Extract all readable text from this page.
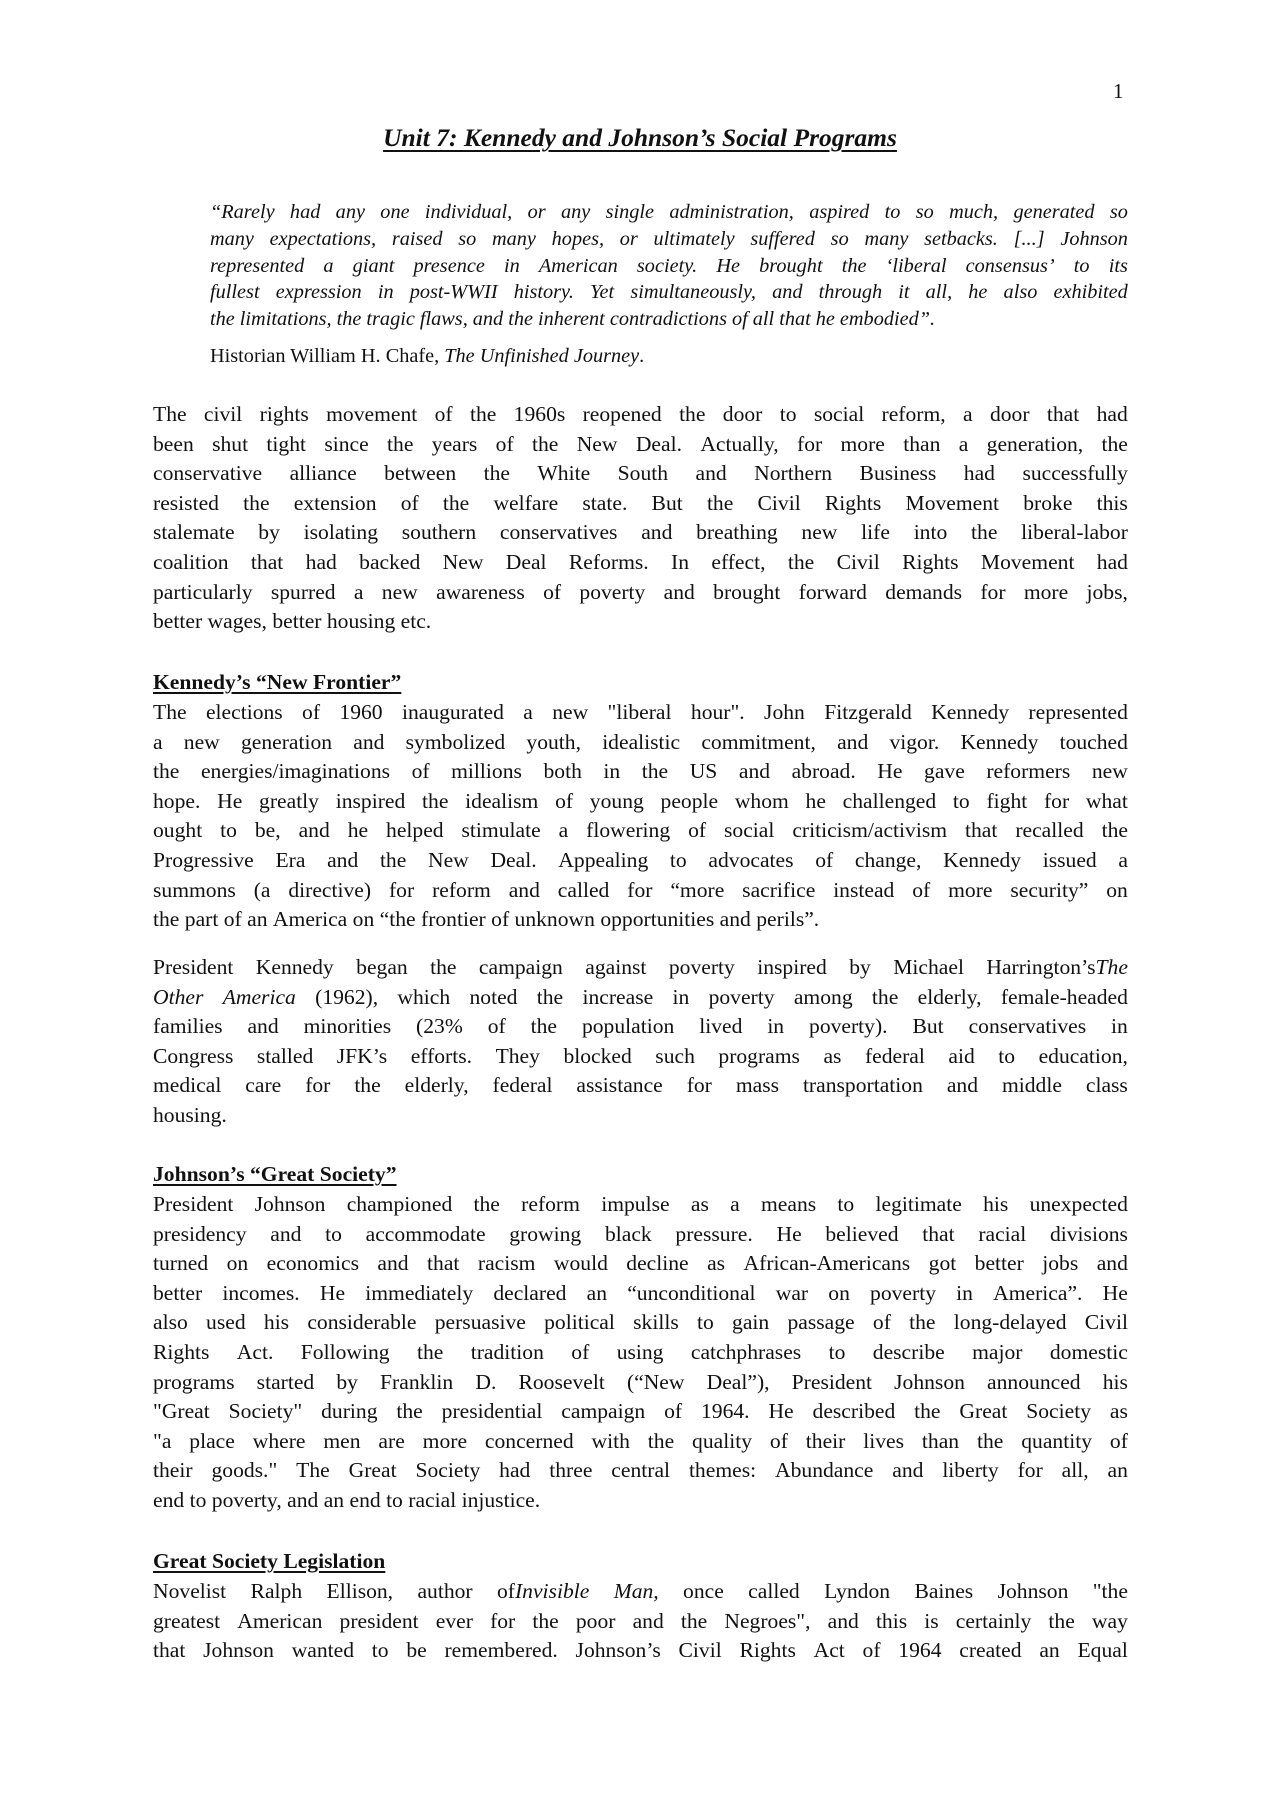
1
Unit 7: Kennedy and Johnson’s Social Programs
“Rarely had any one individual, or any single administration, aspired to so much, generated so
many expectations, raised so many hopes, or ultimately suffered so many setbacks. [...] Johnson
represented a giant presence in American society. He brought the ‘liberal consensus’ to its
fullest expression in post-WWII history. Yet simultaneously, and through it all, he also exhibited
the limitations, the tragic flaws, and the inherent contradictions of all that he embodied”.
Historian William H. Chafe, The Unfinished Journey.
The civil rights movement of the 1960s reopened the door to social reform, a door that had
been shut tight since the years of the New Deal. Actually, for more than a generation, the
conservative alliance between the White South and Northern Business had successfully
resisted the extension of the welfare state. But the Civil Rights Movement broke this
stalemate by isolating southern conservatives and breathing new life into the liberal-labor
coalition that had backed New Deal Reforms. In effect, the Civil Rights Movement had
particularly spurred a new awareness of poverty and brought forward demands for more jobs,
better wages, better housing etc.
Kennedy’s “New Frontier”
The elections of 1960 inaugurated a new "liberal hour". John Fitzgerald Kennedy represented
a new generation and symbolized youth, idealistic commitment, and vigor. Kennedy touched
the energies/imaginations of millions both in the US and abroad. He gave reformers new
hope. He greatly inspired the idealism of young people whom he challenged to fight for what
ought to be, and he helped stimulate a flowering of social criticism/activism that recalled the
Progressive Era and the New Deal. Appealing to advocates of change, Kennedy issued a
summons (a directive) for reform and called for “more sacrifice instead of more security” on
the part of an America on “the frontier of unknown opportunities and perils”.
President Kennedy began the campaign against poverty inspired by Michael Harrington’sThe
Other America (1962), which noted the increase in poverty among the elderly, female-headed
families and minorities (23% of the population lived in poverty). But conservatives in
Congress stalled JFK’s efforts. They blocked such programs as federal aid to education,
medical care for the elderly, federal assistance for mass transportation and middle class
housing.
Johnson’s “Great Society”
President Johnson championed the reform impulse as a means to legitimate his unexpected
presidency and to accommodate growing black pressure. He believed that racial divisions
turned on economics and that racism would decline as African-Americans got better jobs and
better incomes. He immediately declared an “unconditional war on poverty in America”. He
also used his considerable persuasive political skills to gain passage of the long-delayed Civil
Rights Act. Following the tradition of using catchphrases to describe major domestic
programs started by Franklin D. Roosevelt (“New Deal”), President Johnson announced his
"Great Society" during the presidential campaign of 1964. He described the Great Society as
"a place where men are more concerned with the quality of their lives than the quantity of
their goods." The Great Society had three central themes: Abundance and liberty for all, an
end to poverty, and an end to racial injustice.
Great Society Legislation
Novelist Ralph Ellison, author ofInvisible Man, once called Lyndon Baines Johnson "the
greatest American president ever for the poor and the Negroes", and this is certainly the way
that Johnson wanted to be remembered. Johnson’s Civil Rights Act of 1964 created an Equal
